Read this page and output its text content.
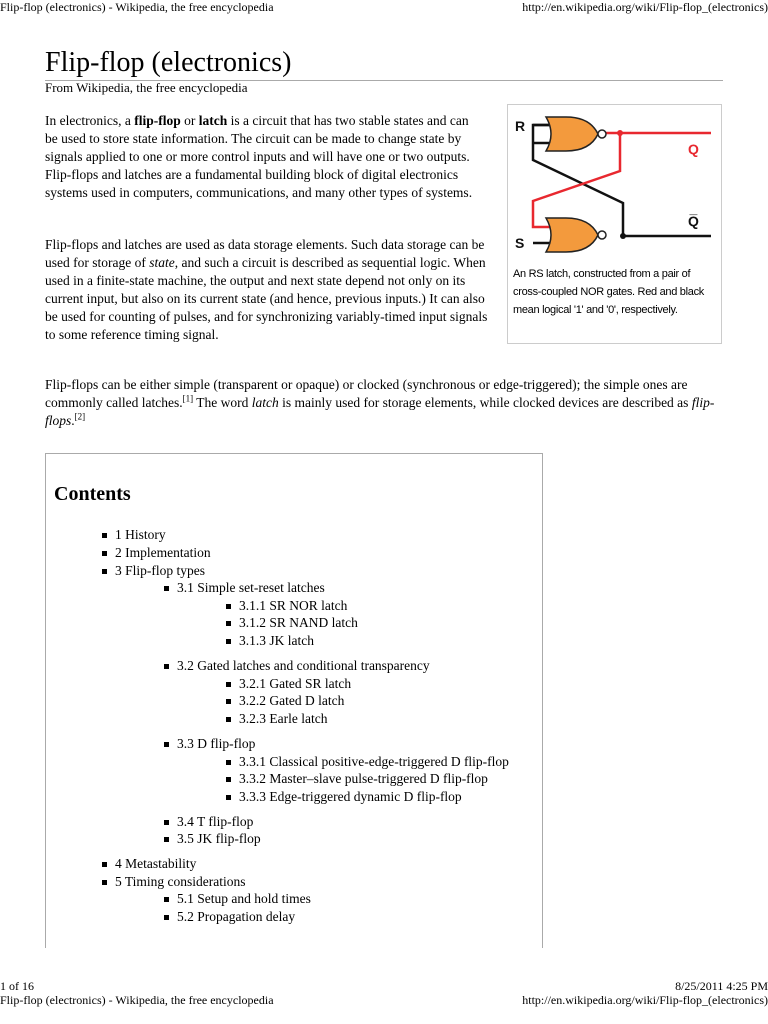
Flip-flop (electronics) - Wikipedia, the free encyclopedia	http://en.wikipedia.org/wiki/Flip-flop_(electronics)
Flip-flop (electronics)
From Wikipedia, the free encyclopedia

In electronics, a flip-flop or latch is a circuit that has two stable states and can be used to store state information. The circuit can be made to change state by signals applied to one or more control inputs and will have one or two outputs. Flip-flops and latches are a fundamental building block of digital electronics systems used in computers, communications, and many other types of systems.

Flip-flops and latches are used as data storage elements. Such data storage can be used for storage of state, and such a circuit is described as sequential logic. When used in a finite-state machine, the output and next state depend not only on its current input, but also on its current state (and hence, previous inputs.) It can also be used for counting of pulses, and for synchronizing variably-timed input signals to some reference timing signal.

Flip-flops can be either simple (transparent or opaque) or clocked (synchronous or edge-triggered); the simple ones are commonly called latches.[1] The word latch is mainly used for storage elements, while clocked devices are described as flip-flops.[2]

R
S
Q
Q̅
An RS latch, constructed from a pair of cross-coupled NOR gates. Red and black mean logical '1' and '0', respectively.
Contents
1 History
2 Implementation
3 Flip-flop types
3.1 Simple set-reset latches
3.1.1 SR NOR latch
3.1.2 SR NAND latch
3.1.3 JK latch
3.2 Gated latches and conditional transparency
3.2.1 Gated SR latch
3.2.2 Gated D latch
3.2.3 Earle latch
3.3 D flip-flop
3.3.1 Classical positive-edge-triggered D flip-flop
3.3.2 Master–slave pulse-triggered D flip-flop
3.3.3 Edge-triggered dynamic D flip-flop
3.4 T flip-flop
3.5 JK flip-flop
4 Metastability
5 Timing considerations
5.1 Setup and hold times
5.2 Propagation delay
1 of 16	8/25/2011 4:25 PM
Flip-flop (electronics) - Wikipedia, the free encyclopedia	http://en.wikipedia.org/wiki/Flip-flop_(electronics)
